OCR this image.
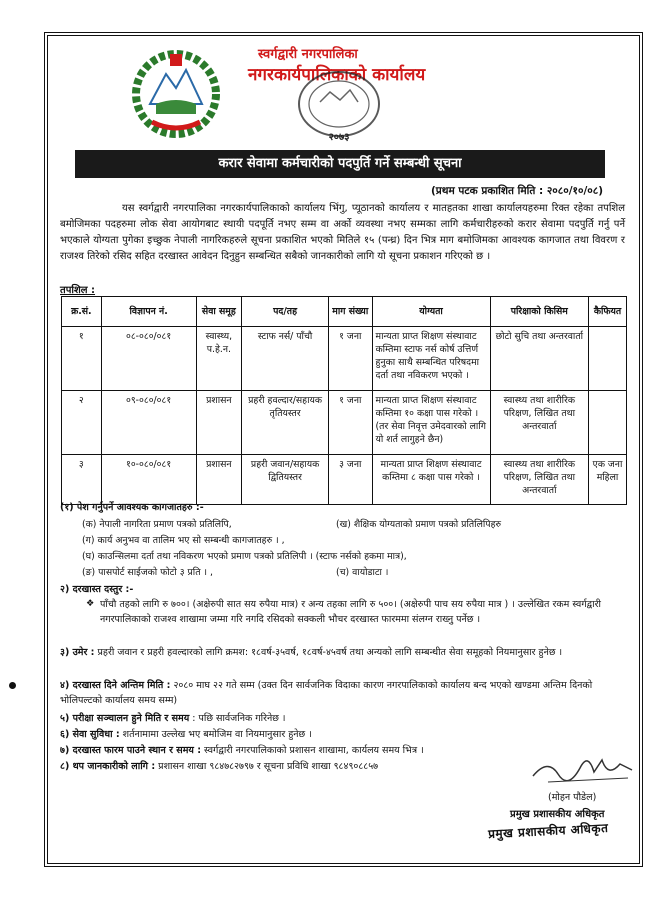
स्वर्गद्वारी नगरपालिका
नगरकार्यपालिकाको कार्यालय
२०७३
करार सेवामा कर्मचारीको पदपुर्ति गर्ने सम्बन्धी सूचना
(प्रथम पटक प्रकाशित मिति : २०८०/१०/०८)
यस स्वर्गद्वारी नगरपालिका नगरकार्यपालिकाको कार्यालय भिंगु, प्यूठानको कार्यालय र मातहतका शाखा कार्यालयहरुमा रिक्त रहेका तपशिल बमोजिमका पदहरुमा लोक सेवा आयोगबाट स्थायी पदपूर्ति नभए सम्म वा अर्को व्यवस्था नभए सम्मका लागि कर्मचारीहरुको करार सेवामा पदपुर्ति गर्नु पर्ने भएकाले योग्यता पुगेका इच्छुक नेपाली नागरिकहरुले सूचना प्रकाशित भएको मितिले १५ (पन्ध्र) दिन भित्र माग बमोजिमका आवश्यक कागजात तथा विवरण र राजश्व तिरेको रसिद सहित दरखास्त आवेदन दिनुहुन सम्बन्धित सबैको जानकारीको लागि यो सूचना प्रकाशन गरिएको छ ।
तपशिल :
क्र.सं.	विज्ञापन नं.	सेवा समूह	पद/तह	माग संख्या	योग्यता	परिक्षाको किसिम	कैफियत
१	०८-०८०/०८१	स्वास्थ्य, प.हे.न.	स्टाफ नर्स/ पाँचौ	१ जना	मान्यता प्राप्त शिक्षण संस्थावाट कम्तिमा स्टाफ नर्स कोर्ष उत्तिर्ण हुनुका साथै सम्बन्धित परिषदमा दर्ता तथा नविकरण भएको ।	छोटो सुचि तथा अन्तरवार्ता	
२	०९-०८०/०८१	प्रशासन	प्रहरी हवल्दार/सहायक तृतियस्तर	१ जना	मान्यता प्राप्त शिक्षण संस्थावाट कम्तिमा १० कक्षा पास गरेको । (तर सेवा निवृत्त उमेदवारको लागि यो शर्त लागुहने छैन)	स्वास्थ्य तथा शारीरिक परिक्षण, लिखित तथा अन्तरवार्ता	
३	१०-०८०/०८१	प्रशासन	प्रहरी जवान/सहायक द्वितियस्तर	३ जना	मान्यता प्राप्त शिक्षण संस्थावाट कम्तिमा ८ कक्षा पास गरेको ।	स्वास्थ्य तथा शारीरिक परिक्षण, लिखित तथा अन्तरवार्ता	एक जना महिला
(१) पेश गर्नुपर्ने आवश्यक कागजातहरु :-
(क) नेपाली नागरिता प्रमाण पत्रको प्रतिलिपि,	(ख) शैक्षिक योग्यताको प्रमाण पत्रको प्रतिलिपिहरु
(ग) कार्य अनुभव वा तालिम भए सो सम्बन्धी कागजातहरु । ,
(घ) काउन्सिलमा दर्ता तथा नविकरण भएको प्रमाण पत्रको प्रतिलिपी । (स्टाफ नर्सको हकमा मात्र),
(ङ) पासपोर्ट साईजको फोटो ३ प्रति । ,	(च) वायोडाटा ।
२) दरखास्त दस्तुर :-
❖ पाँचौ तहको लागि रु ७००। (अक्षेरुपी सात सय रुपैया मात्र) र अन्य तहका लागि रु ५००। (अक्षेरुपी पाच सय रुपैया मात्र ) । उल्लेखित रकम स्वर्गद्वारी नगरपालिकाको राजश्व शाखामा जम्मा गरि नगदि रसिदको सक्कली भौचर दरखास्त फारममा संलग्न राख्नु पर्नेछ ।
३) उमेर : प्रहरी जवान र प्रहरी हवल्दारको लागि क्रमश: १८वर्ष-३५वर्ष, १८वर्ष-४५वर्ष तथा अन्यको लागि सम्बन्धीत सेवा समूहको नियमानुसार हुनेछ ।
४) दरखास्त दिने अन्तिम मिति : २०८० माघ २२ गते सम्म (उक्त दिन सार्वजनिक विदाका कारण नगरपालिकाको कार्यालय बन्द भएको खण्डमा अन्तिम दिनको भोलिपल्टको कार्यालय समय सम्म)
५) परीक्षा सञ्चालन हुने मिति र समय : पछि सार्वजनिक गरिनेछ ।
६) सेवा सुविधा : शर्तनामामा उल्लेख भए बमोजिम वा नियमानुसार हुनेछ ।
७) दरखास्त फारम पाउने स्थान र समय : स्वर्गद्वारी नगरपालिकाको प्रशासन शाखामा, कार्यलय समय भित्र ।
८) थप जानकारीको लागि : प्रशासन शाखा ९८४७८२७९७ र सूचना प्रविधि शाखा ९८४९०८८५७
(मोहन पौडेल)
प्रमुख प्रशासकीय अधिकृत
प्रमुख प्रशासकीय अधिकृत
